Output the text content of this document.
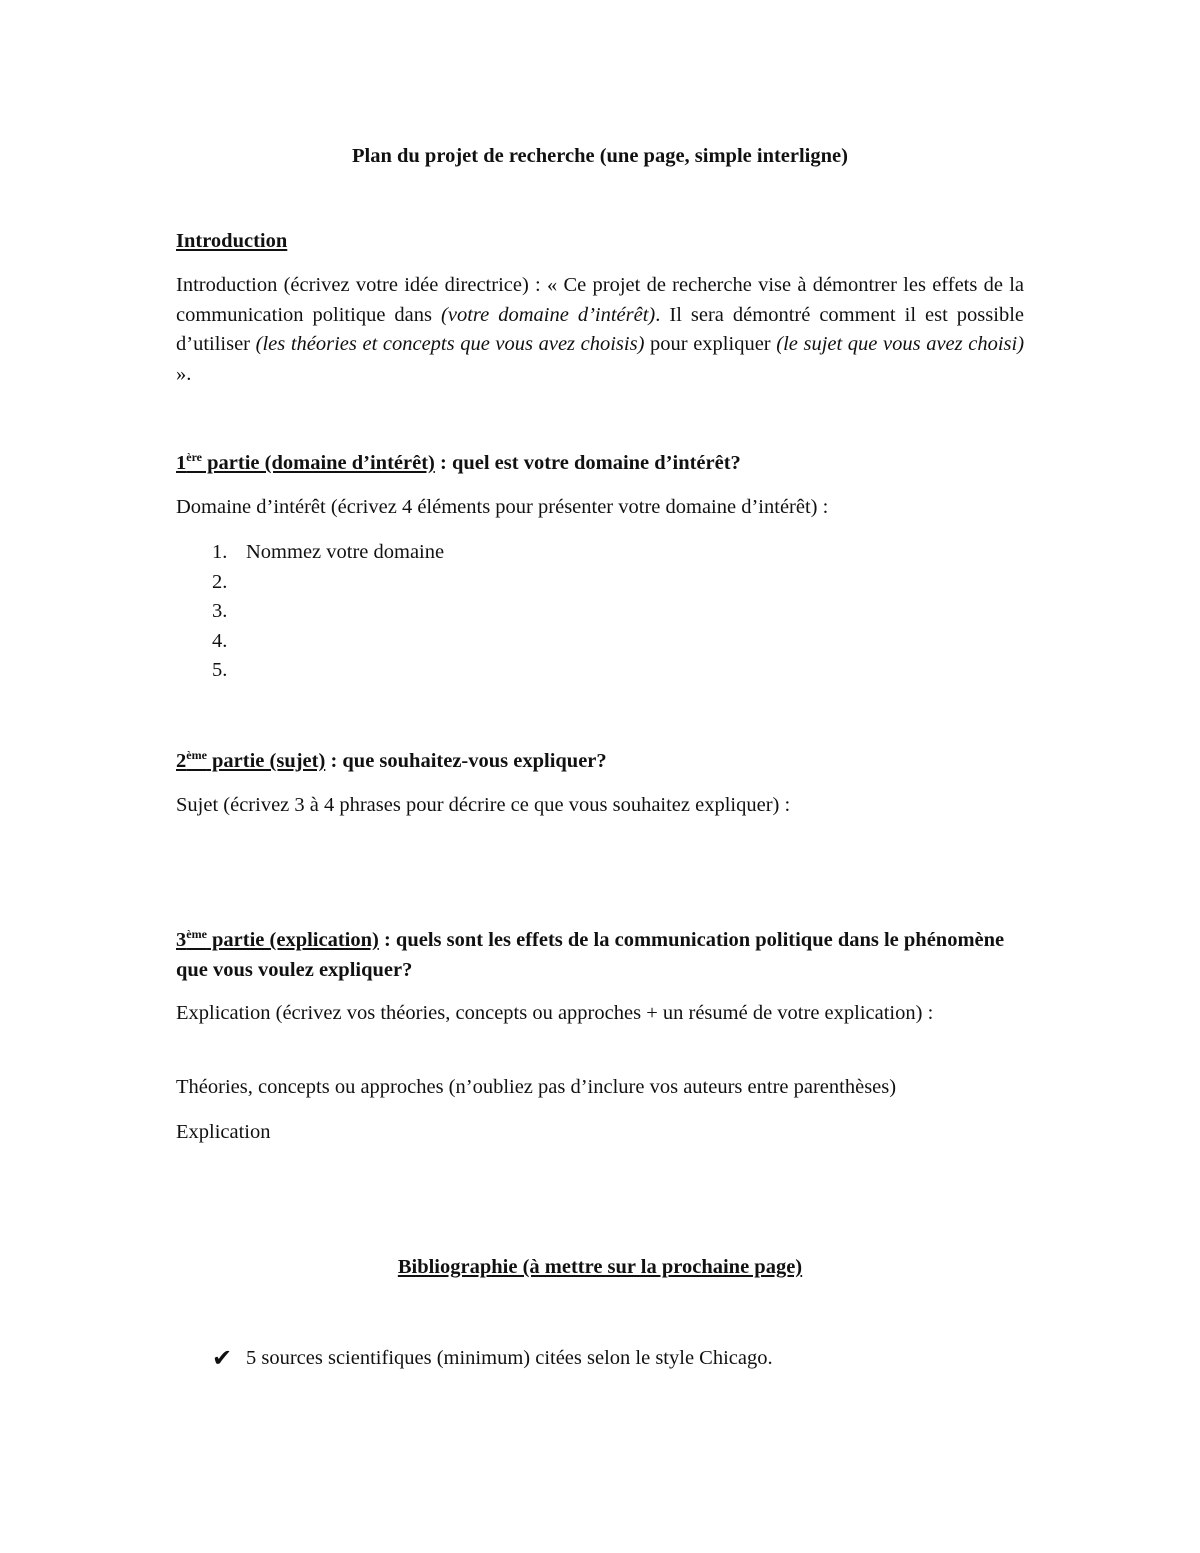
Plan du projet de recherche (une page, simple interligne)

Introduction

Introduction (écrivez votre idée directrice) : « Ce projet de recherche vise à démontrer les effets de la communication politique dans (votre domaine d’intérêt). Il sera démontré comment il est possible d’utiliser (les théories et concepts que vous avez choisis) pour expliquer (le sujet que vous avez choisi) ».

1ère partie (domaine d’intérêt) : quel est votre domaine d’intérêt?

Domaine d’intérêt (écrivez 4 éléments pour présenter votre domaine d’intérêt) :

1. Nommez votre domaine
2.
3.
4.
5.

2ème partie (sujet) : que souhaitez-vous expliquer?

Sujet (écrivez 3 à 4 phrases pour décrire ce que vous souhaitez expliquer) :

3ème partie (explication) : quels sont les effets de la communication politique dans le phénomène que vous voulez expliquer?

Explication (écrivez vos théories, concepts ou approches + un résumé de votre explication) :

Théories, concepts ou approches (n’oubliez pas d’inclure vos auteurs entre parenthèses)

Explication

Bibliographie (à mettre sur la prochaine page)

✔ 5 sources scientifiques (minimum) citées selon le style Chicago.
